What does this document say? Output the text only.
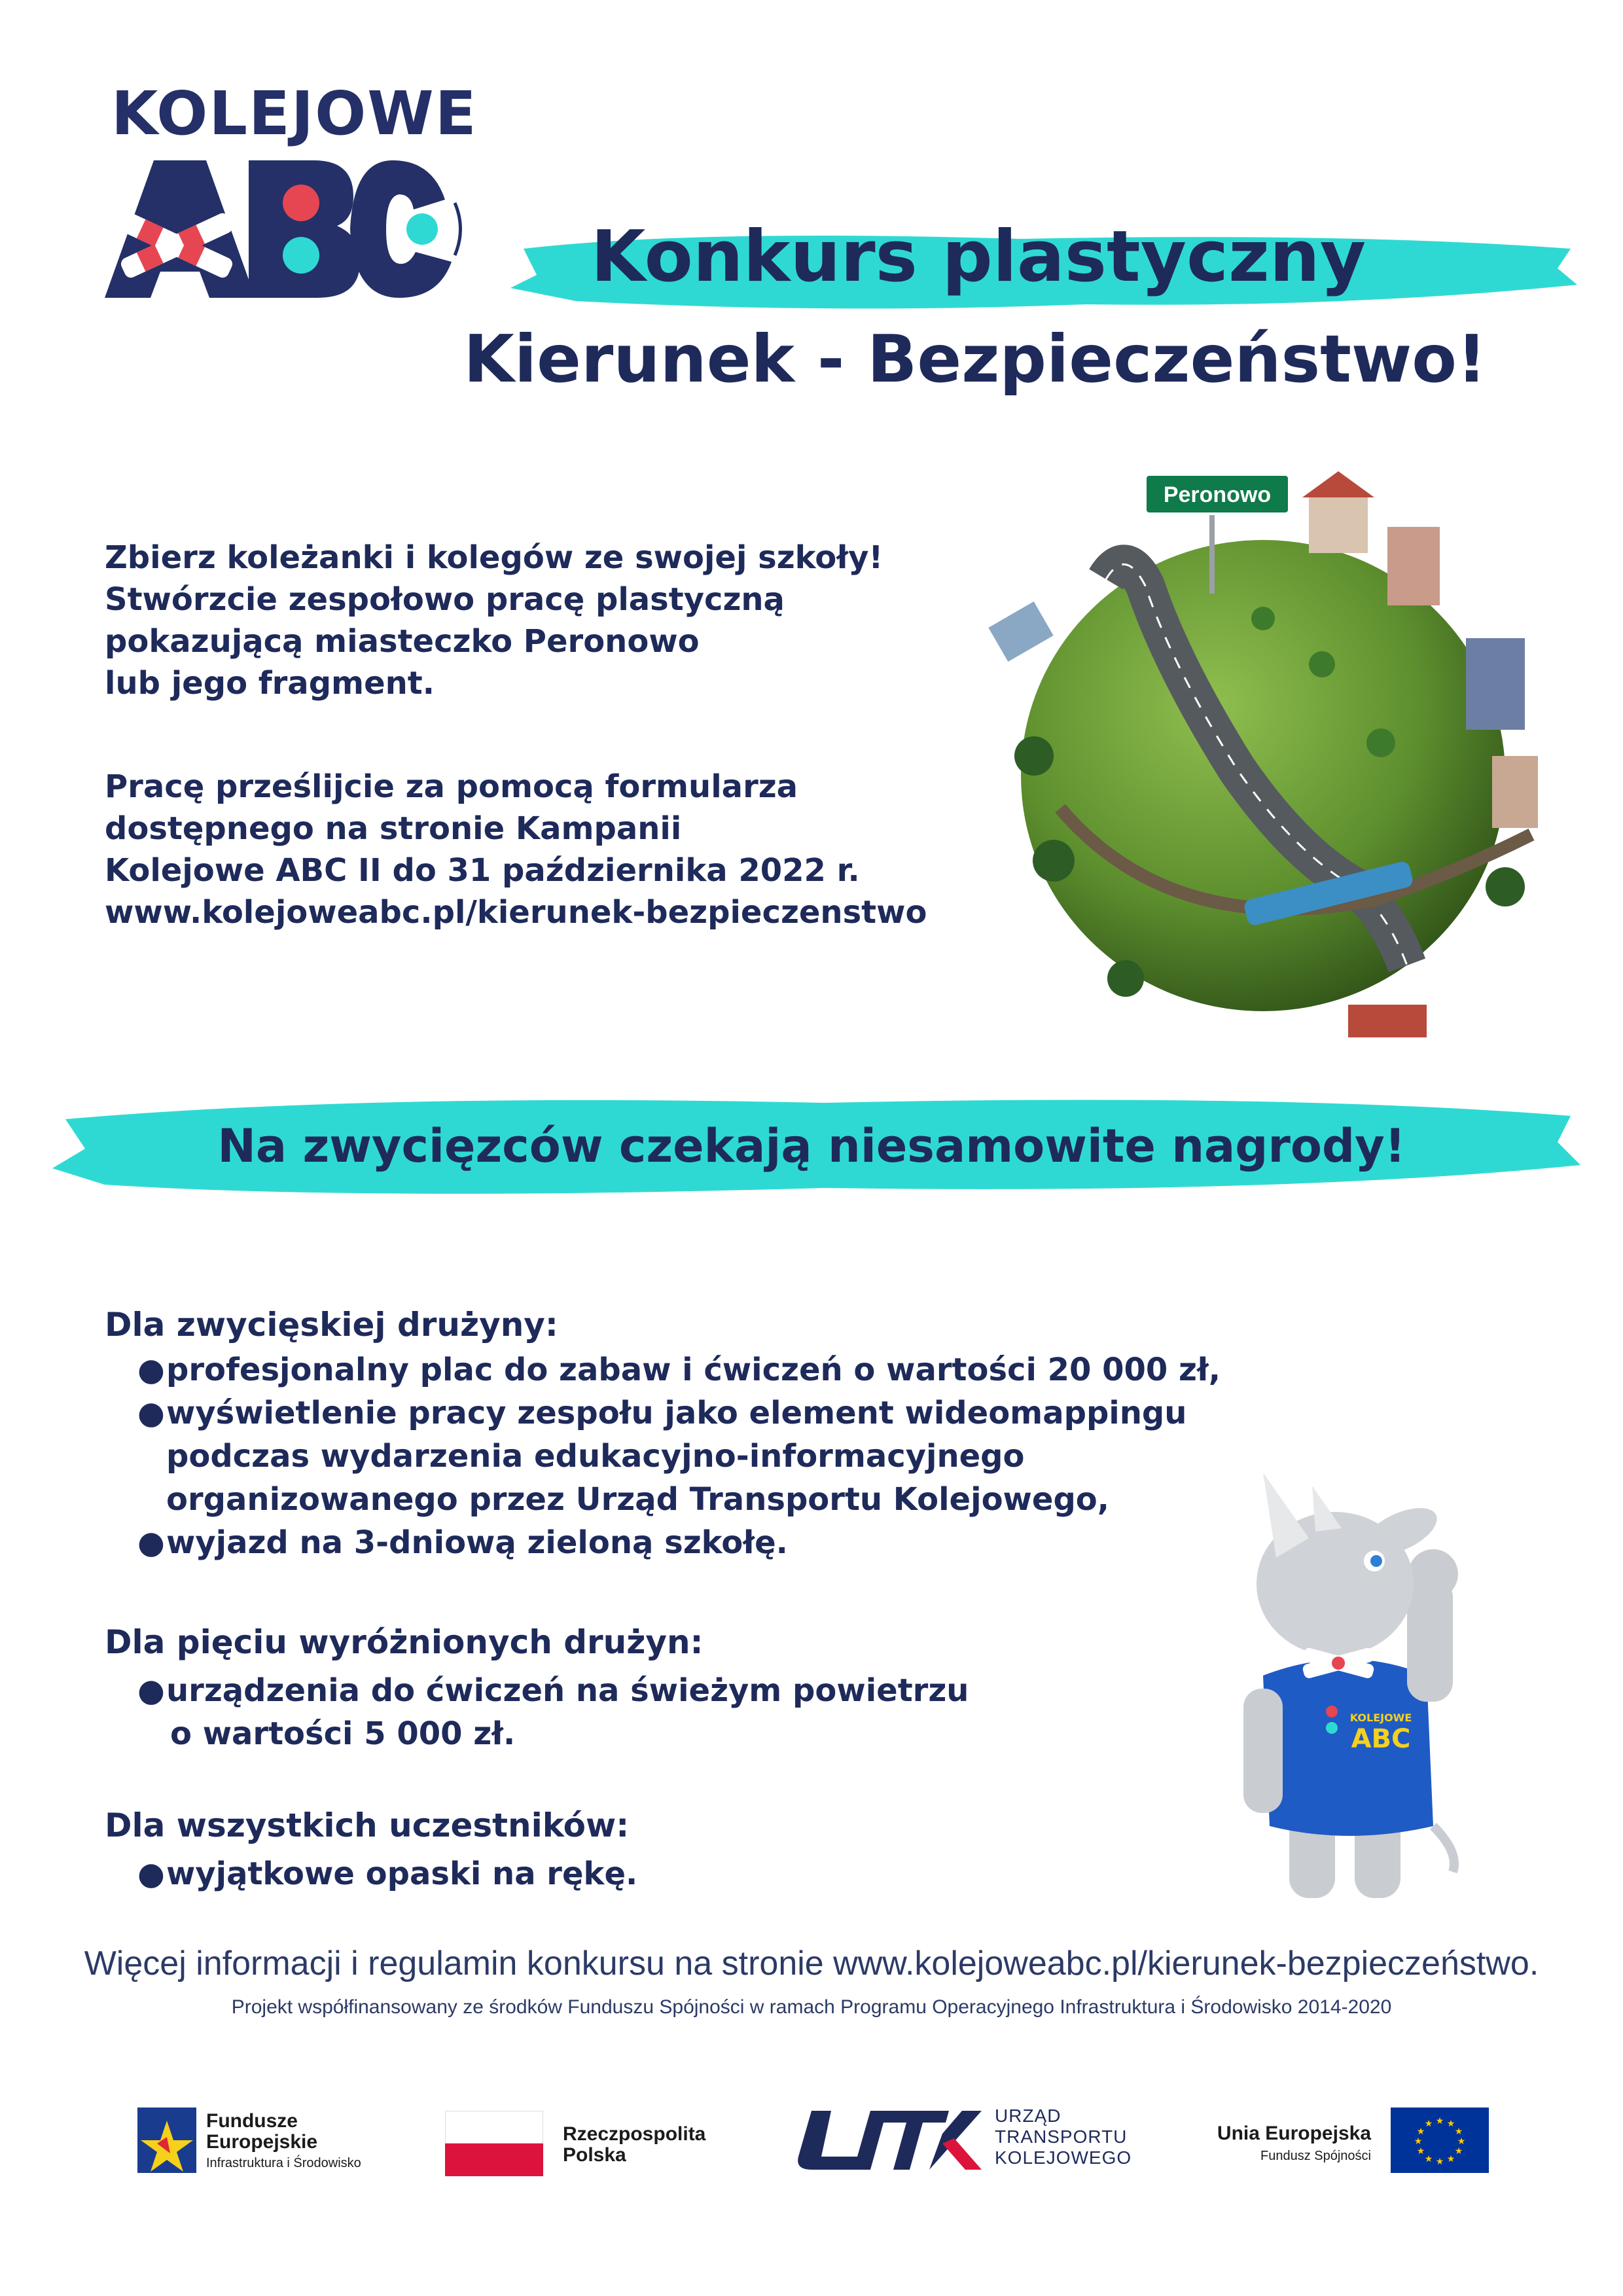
KOLEJOWE
Konkurs plastyczny
Kierunek - Bezpieczeństwo!
Zbierz koleżanki i kolegów ze swojej szkoły!
Stwórzcie zespołowo pracę plastyczną
pokazującą miasteczko Peronowo
lub jego fragment.
Pracę prześlijcie za pomocą formularza
dostępnego na stronie Kampanii
Kolejowe ABC II do 31 października 2022 r.
www.kolejoweabc.pl/kierunek-bezpieczenstwo
Peronowo
Na zwycięzców czekają niesamowite nagrody!
Dla zwycięskiej drużyny:
●profesjonalny plac do zabaw i ćwiczeń o wartości 20 000 zł,
●wyświetlenie pracy zespołu jako element wideomappingu
podczas wydarzenia edukacyjno-informacyjnego
organizowanego przez Urząd Transportu Kolejowego,
●wyjazd na 3-dniową zieloną szkołę.
Dla pięciu wyróżnionych drużyn:
●urządzenia do ćwiczeń na świeżym powietrzu
o wartości 5 000 zł.
Dla wszystkich uczestników:
●wyjątkowe opaski na rękę.
KOLEJOWE
ABC
Więcej informacji i regulamin konkursu na stronie www.kolejoweabc.pl/kierunek-bezpieczeństwo.
Projekt współfinansowany ze środków Funduszu Spójności w ramach Programu Operacyjnego Infrastruktura i Środowisko 2014-2020
Fundusze
Europejskie
Infrastruktura i Środowisko
Rzeczpospolita
Polska
URZĄD
TRANSPORTU
KOLEJOWEGO
Unia Europejska
Fundusz Spójności
★ ★
★
★
★
★
★
★
★
★
★
★
